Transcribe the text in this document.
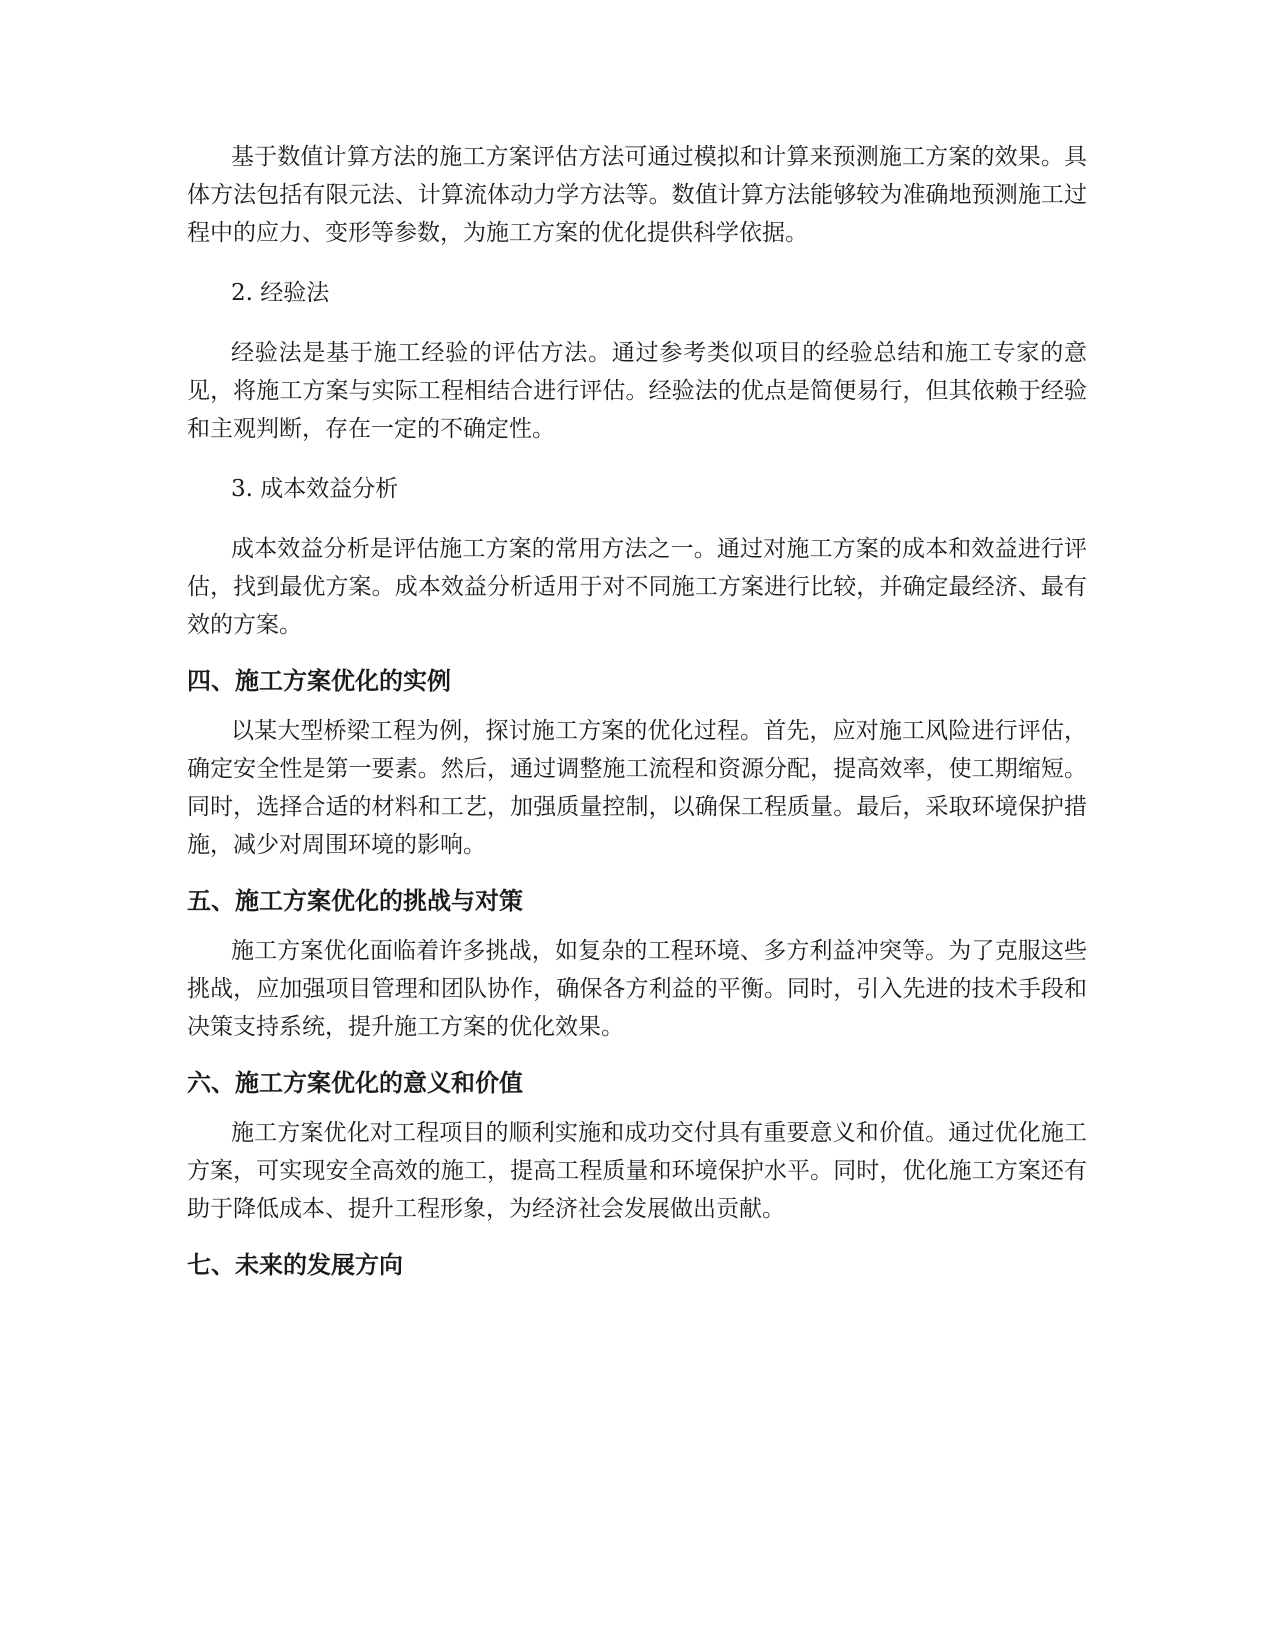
基于数值计算方法的施工方案评估方法可通过模拟和计算来预测施工方案的效果。具体方法包括有限元法、计算流体动力学方法等。数值计算方法能够较为准确地预测施工过程中的应力、变形等参数，为施工方案的优化提供科学依据。

2. 经验法

经验法是基于施工经验的评估方法。通过参考类似项目的经验总结和施工专家的意见，将施工方案与实际工程相结合进行评估。经验法的优点是简便易行，但其依赖于经验和主观判断，存在一定的不确定性。

3. 成本效益分析

成本效益分析是评估施工方案的常用方法之一。通过对施工方案的成本和效益进行评估，找到最优方案。成本效益分析适用于对不同施工方案进行比较，并确定最经济、最有效的方案。

四、施工方案优化的实例

以某大型桥梁工程为例，探讨施工方案的优化过程。首先，应对施工风险进行评估，确定安全性是第一要素。然后，通过调整施工流程和资源分配，提高效率，使工期缩短。同时，选择合适的材料和工艺，加强质量控制，以确保工程质量。最后，采取环境保护措施，减少对周围环境的影响。

五、施工方案优化的挑战与对策

施工方案优化面临着许多挑战，如复杂的工程环境、多方利益冲突等。为了克服这些挑战，应加强项目管理和团队协作，确保各方利益的平衡。同时，引入先进的技术手段和决策支持系统，提升施工方案的优化效果。

六、施工方案优化的意义和价值

施工方案优化对工程项目的顺利实施和成功交付具有重要意义和价值。通过优化施工方案，可实现安全高效的施工，提高工程质量和环境保护水平。同时，优化施工方案还有助于降低成本、提升工程形象，为经济社会发展做出贡献。

七、未来的发展方向
